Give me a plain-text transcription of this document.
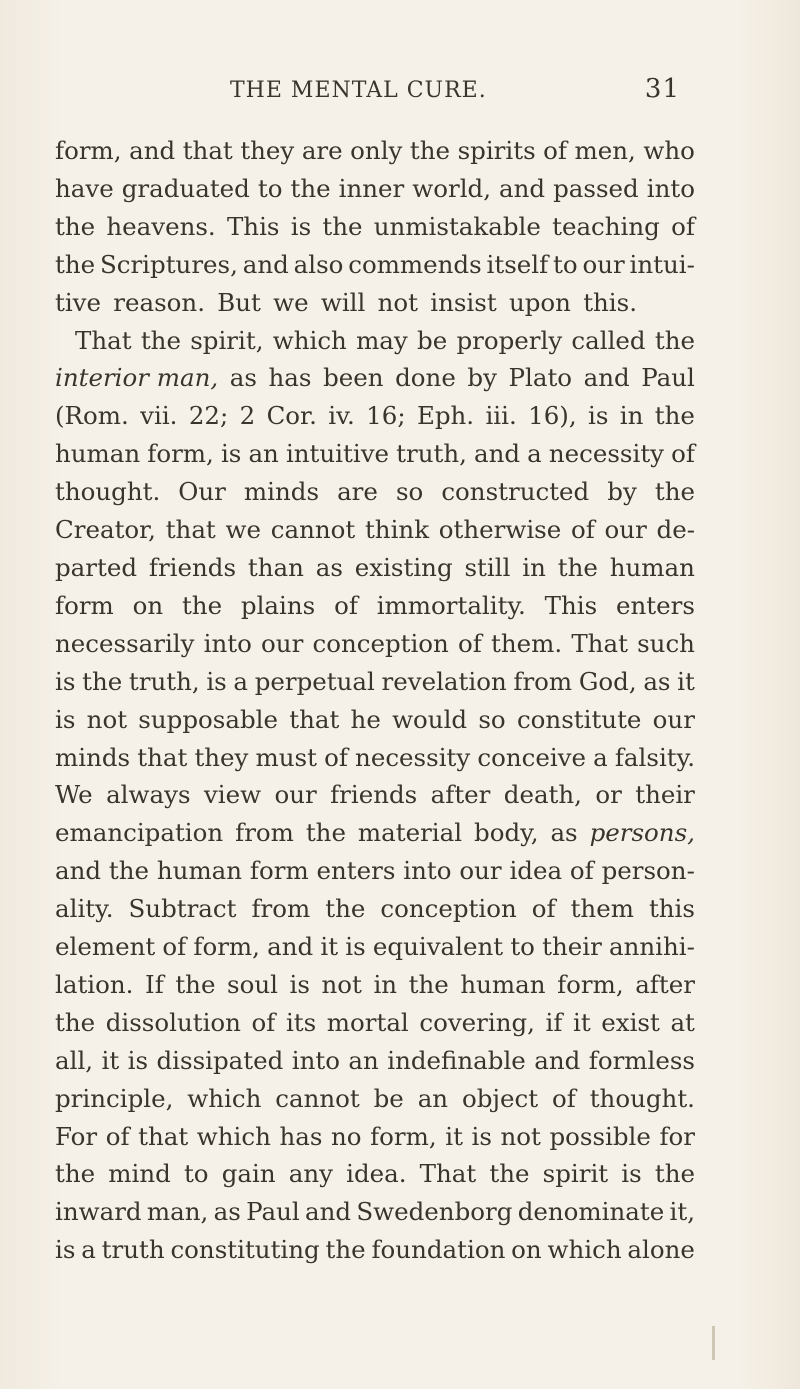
THE MENTAL CURE.	31
form, and that they are only the spirits of men, who
have graduated to the inner world, and passed into
the heavens. This is the unmistakable teaching of
the Scriptures, and also commends itself to our intui-
tive reason. But we will not insist upon this.
That the spirit, which may be properly called the
interior man, as has been done by Plato and Paul
(Rom. vii. 22; 2 Cor. iv. 16; Eph. iii. 16), is in the
human form, is an intuitive truth, and a necessity of
thought. Our minds are so constructed by the
Creator, that we cannot think otherwise of our de-
parted friends than as existing still in the human
form on the plains of immortality. This enters
necessarily into our conception of them. That such
is the truth, is a perpetual revelation from God, as it
is not supposable that he would so constitute our
minds that they must of necessity conceive a falsity.
We always view our friends after death, or their
emancipation from the material body, as persons,
and the human form enters into our idea of person-
ality. Subtract from the conception of them this
element of form, and it is equivalent to their annihi-
lation. If the soul is not in the human form, after
the dissolution of its mortal covering, if it exist at
all, it is dissipated into an indefinable and formless
principle, which cannot be an object of thought.
For of that which has no form, it is not possible for
the mind to gain any idea. That the spirit is the
inward man, as Paul and Swedenborg denominate it,
is a truth constituting the foundation on which alone
